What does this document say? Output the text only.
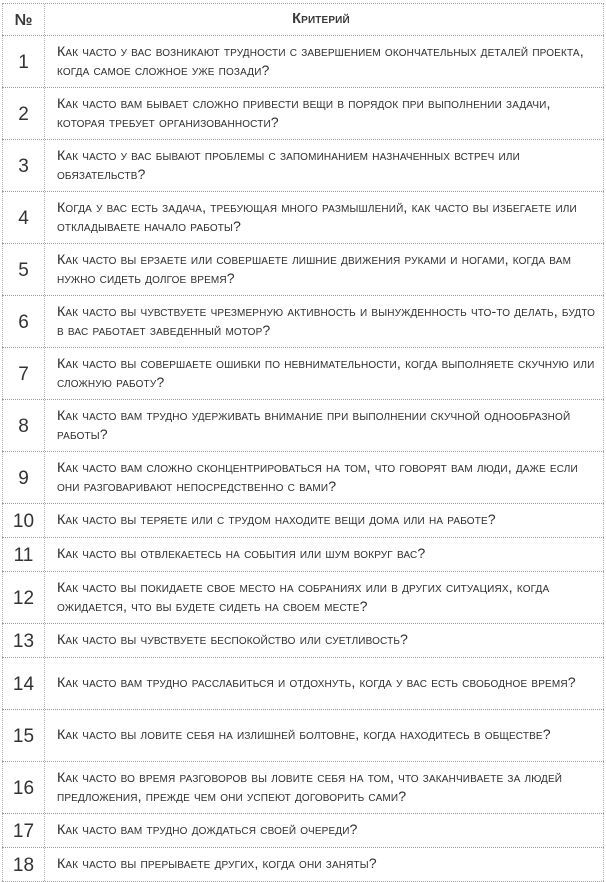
№	Критерий
1	Как часто у вас возникают трудности с завершением окончательных деталей проекта, когда самое сложное уже позади?
2	Как часто вам бывает сложно привести вещи в порядок при выполнении задачи, которая требует организованности?
3	Как часто у вас бывают проблемы с запоминанием назначенных встреч или обязательств?
4	Когда у вас есть задача, требующая много размышлений, как часто вы избегаете или откладываете начало работы?
5	Как часто вы ерзаете или совершаете лишние движения руками и ногами, когда вам нужно сидеть долгое время?
6	Как часто вы чувствуете чрезмерную активность и вынужденность что-то делать, будто в вас работает заведенный мотор?
7	Как часто вы совершаете ошибки по невнимательности, когда выполняете скучную или сложную работу?
8	Как часто вам трудно удерживать внимание при выполнении скучной однообразной работы?
9	Как часто вам сложно сконцентрироваться на том, что говорят вам люди, даже если они разговаривают непосредственно с вами?
10	Как часто вы теряете или с трудом находите вещи дома или на работе?
11	Как часто вы отвлекаетесь на события или шум вокруг вас?
12	Как часто вы покидаете свое место на собраниях или в других ситуациях, когда ожидается, что вы будете сидеть на своем месте?
13	Как часто вы чувствуете беспокойство или суетливость?
14	Как часто вам трудно расслабиться и отдохнуть, когда у вас есть свободное время?
15	Как часто вы ловите себя на излишней болтовне, когда находитесь в обществе?
16	Как часто во время разговоров вы ловите себя на том, что заканчиваете за людей предложения, прежде чем они успеют договорить сами?
17	Как часто вам трудно дождаться своей очереди?
18	Как часто вы прерываете других, когда они заняты?
